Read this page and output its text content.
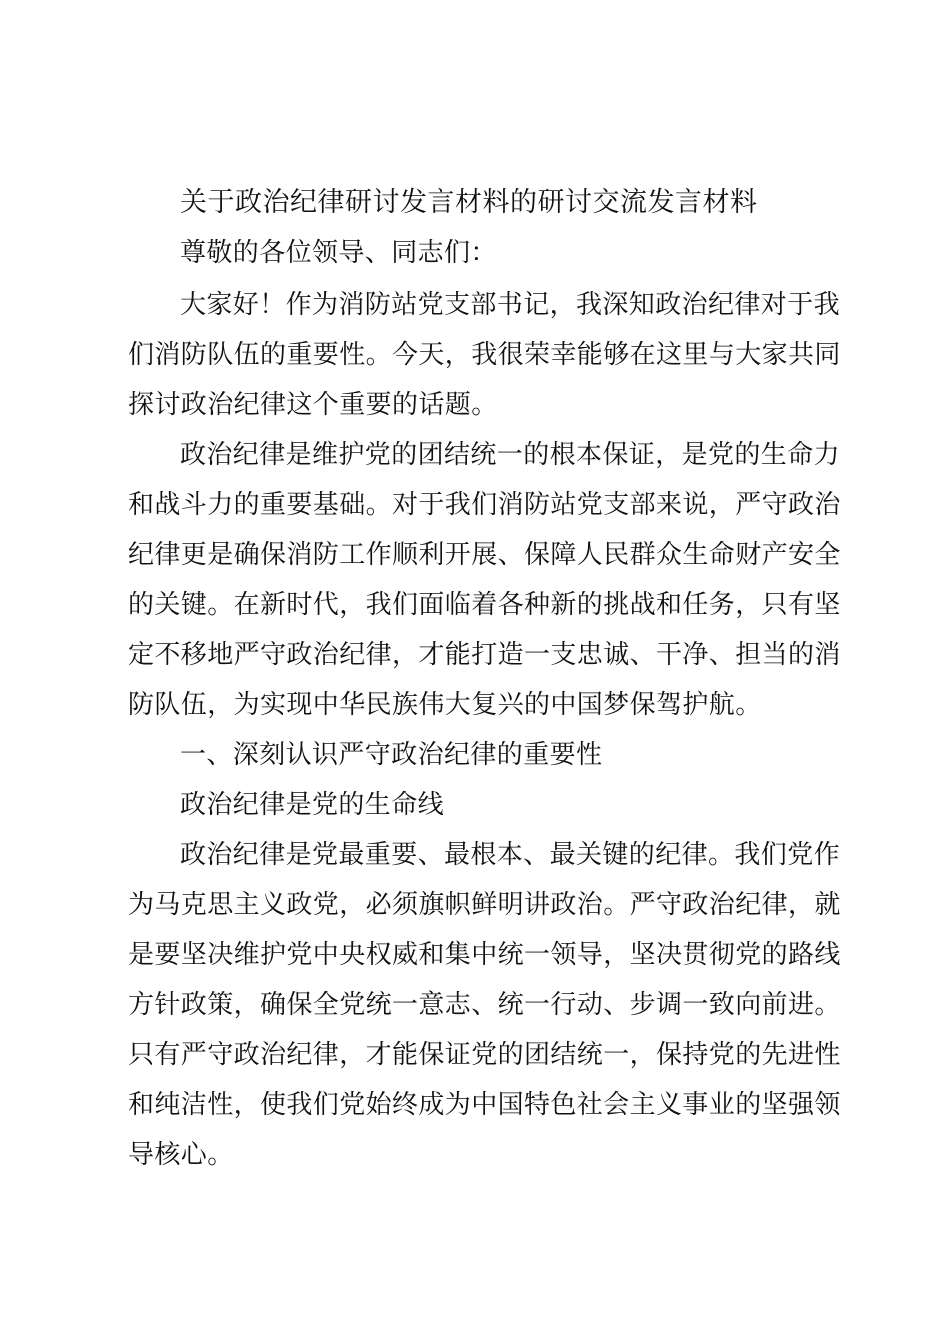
关于政治纪律研讨发言材料的研讨交流发言材料

尊敬的各位领导、同志们：

大家好！作为消防站党支部书记，我深知政治纪律对于我

们消防队伍的重要性。今天，我很荣幸能够在这里与大家共同

探讨政治纪律这个重要的话题。

政治纪律是维护党的团结统一的根本保证，是党的生命力

和战斗力的重要基础。对于我们消防站党支部来说，严守政治

纪律更是确保消防工作顺利开展、保障人民群众生命财产安全

的关键。在新时代，我们面临着各种新的挑战和任务，只有坚

定不移地严守政治纪律，才能打造一支忠诚、干净、担当的消

防队伍，为实现中华民族伟大复兴的中国梦保驾护航。

一、深刻认识严守政治纪律的重要性

政治纪律是党的生命线

政治纪律是党最重要、最根本、最关键的纪律。我们党作

为马克思主义政党，必须旗帜鲜明讲政治。严守政治纪律，就

是要坚决维护党中央权威和集中统一领导，坚决贯彻党的路线

方针政策，确保全党统一意志、统一行动、步调一致向前进。

只有严守政治纪律，才能保证党的团结统一，保持党的先进性

和纯洁性，使我们党始终成为中国特色社会主义事业的坚强领

导核心。
